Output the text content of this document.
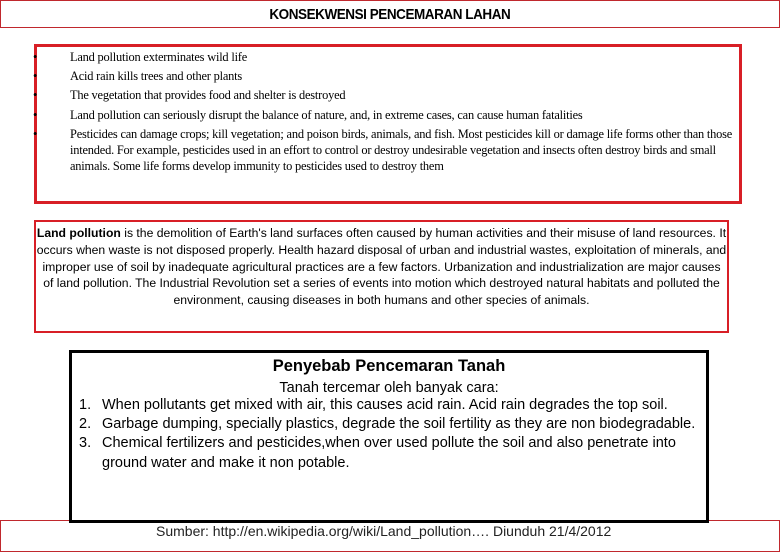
KONSEKWENSI PENCEMARAN LAHAN
•	Land pollution exterminates wild life
•	Acid rain kills trees and other plants
•	The vegetation that provides food and shelter is destroyed
•	Land pollution can seriously disrupt the balance of nature, and, in extreme cases, can cause human fatalities
•	Pesticides can damage crops; kill vegetation; and poison birds, animals, and fish. Most pesticides kill or damage life forms other than those intended. For example, pesticides used in an effort to control or destroy undesirable vegetation and insects often destroy birds and small animals. Some life forms develop immunity to pesticides used to destroy them
Land pollution is the demolition of Earth's land surfaces often caused by human activities and their misuse of land resources. It occurs when waste is not disposed properly. Health hazard disposal of urban and industrial wastes, exploitation of minerals, and improper use of soil by inadequate agricultural practices are a few factors. Urbanization and industrialization are major causes of land pollution. The Industrial Revolution set a series of events into motion which destroyed natural habitats and polluted the environment, causing diseases in both humans and other species of animals.
Penyebab Pencemaran Tanah
Tanah tercemar oleh banyak cara:
1. When pollutants get mixed with air, this causes acid rain. Acid rain degrades the top soil.
2. Garbage dumping, specially plastics, degrade the soil fertility as they are non biodegradable.
3. Chemical fertilizers and pesticides,when over used pollute the soil and also penetrate into ground water and make it non potable.
Sumber: http://en.wikipedia.org/wiki/Land_pollution…. Diunduh 21/4/2012
